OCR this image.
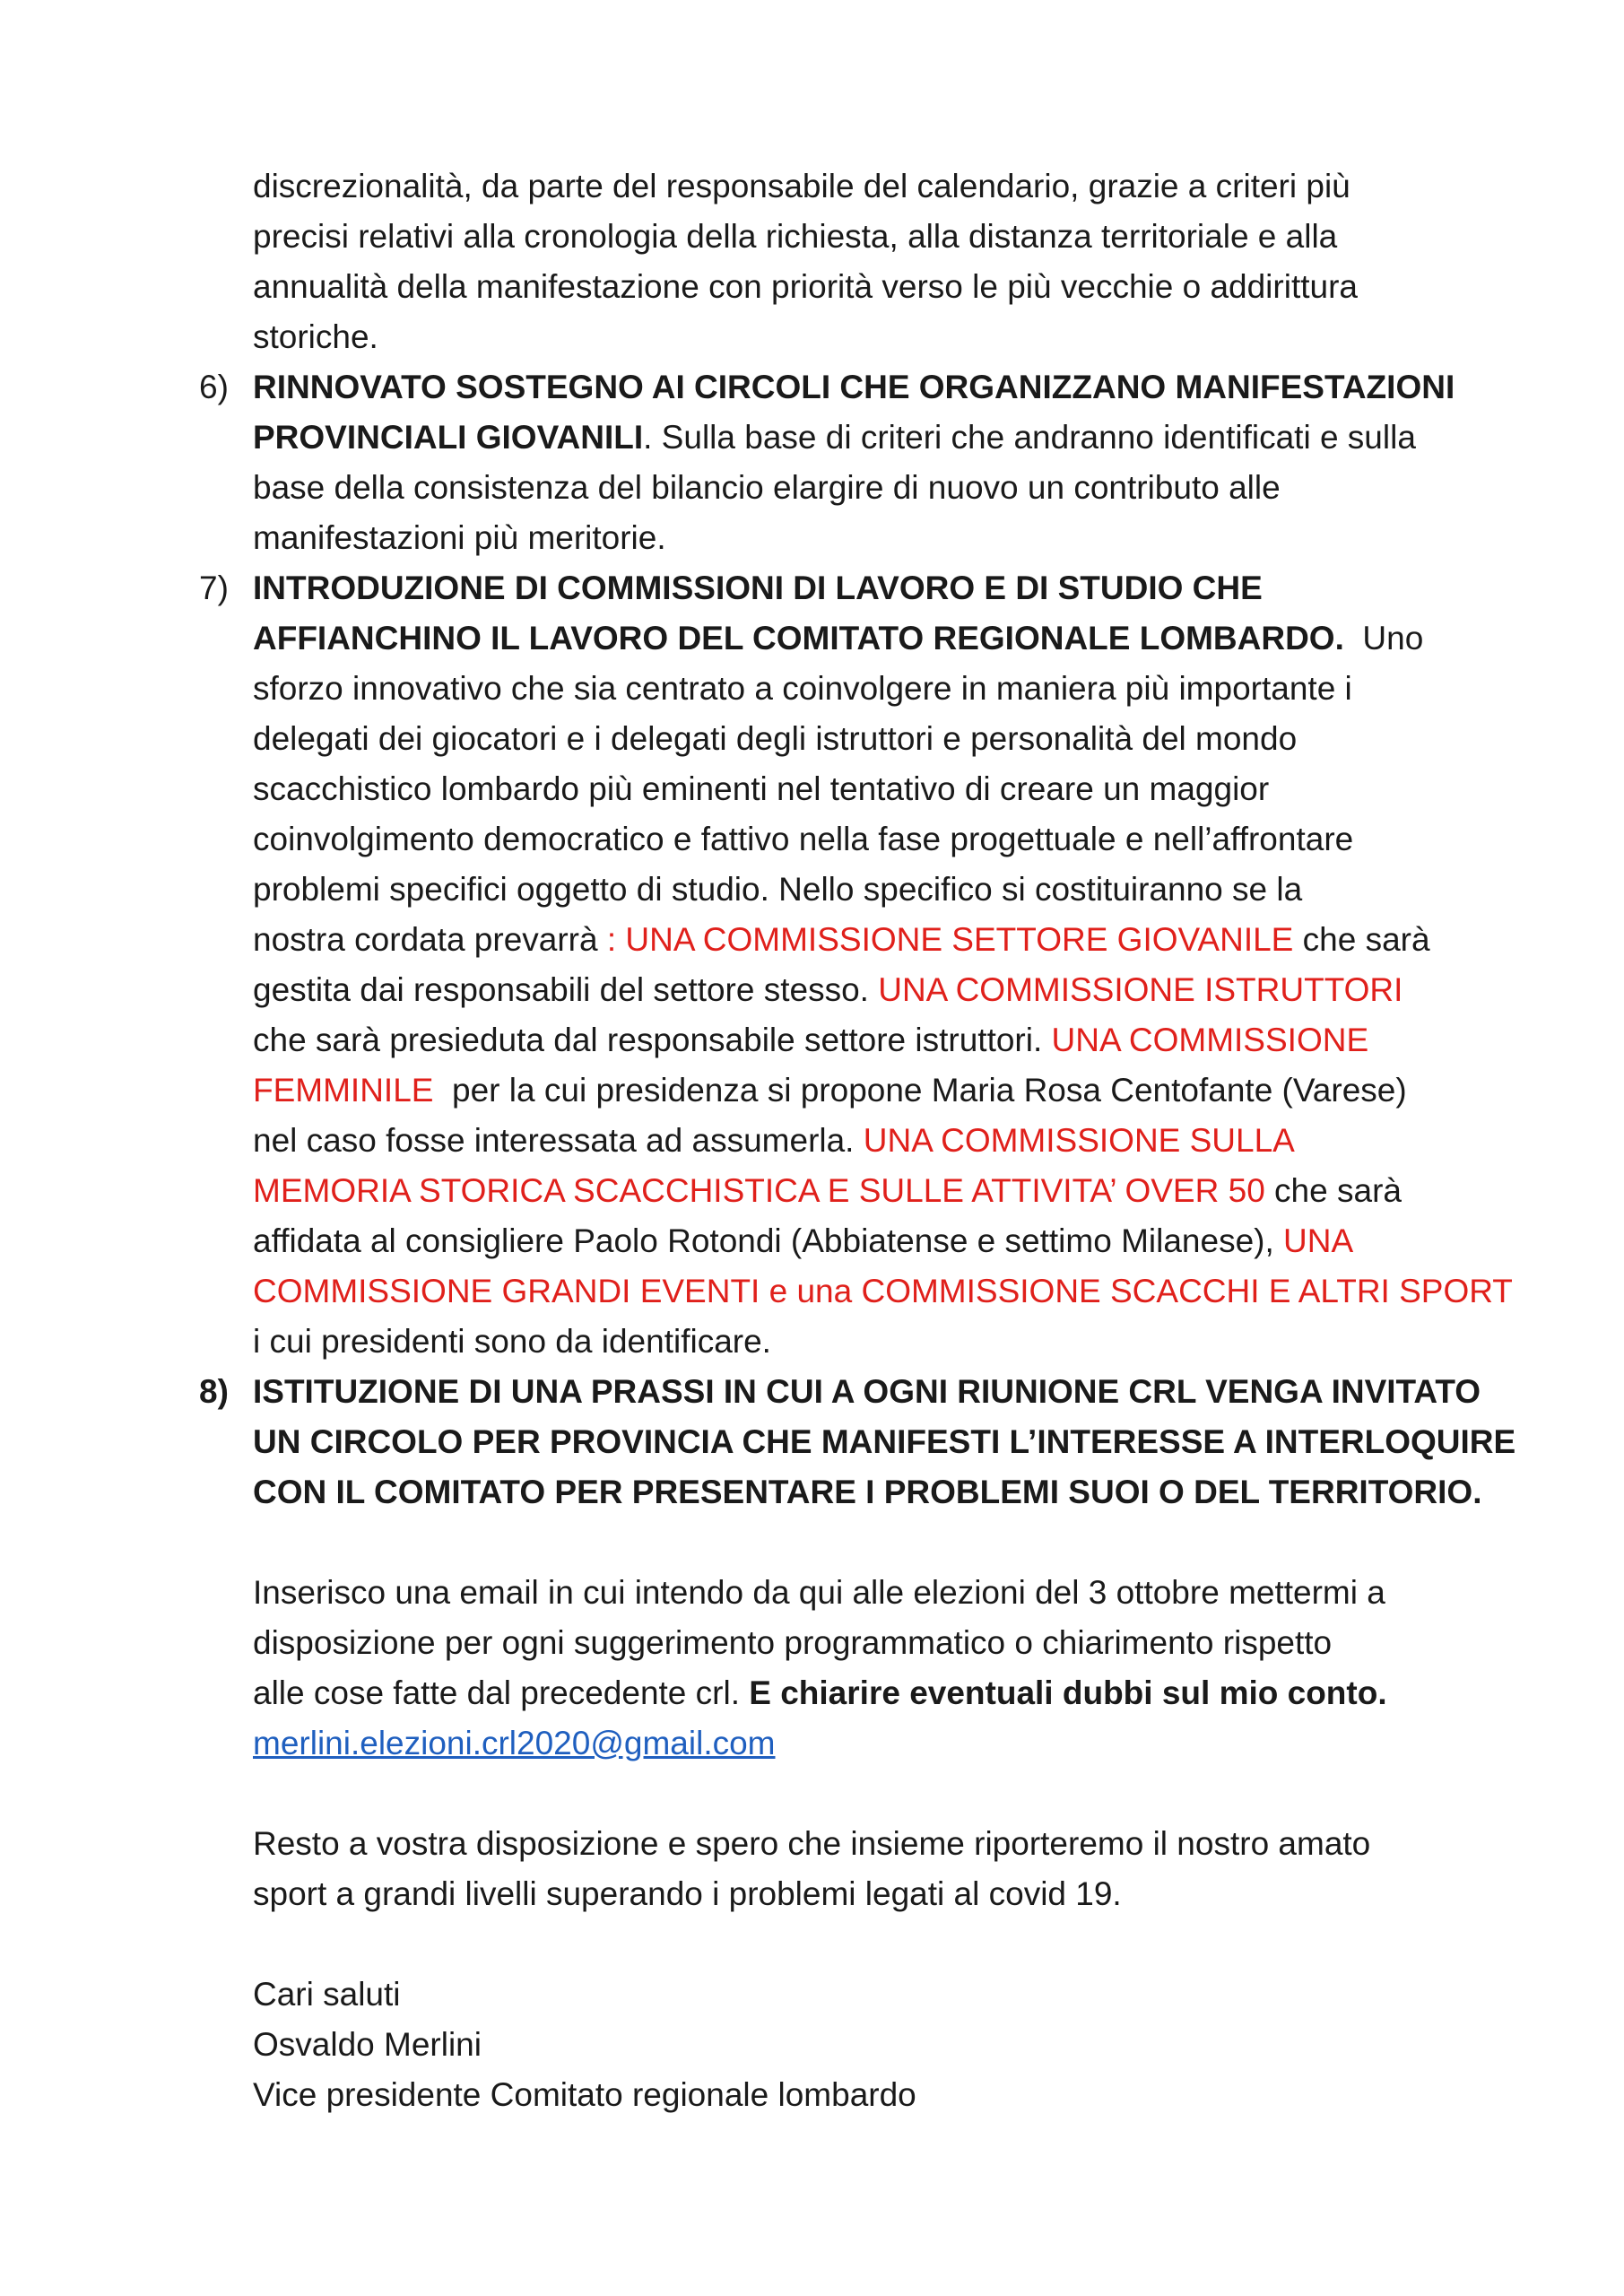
discrezionalità, da parte del responsabile del calendario, grazie a criteri più
precisi relativi alla cronologia della richiesta, alla distanza territoriale e alla
annualità della manifestazione con priorità verso le più vecchie o addirittura
storiche.
6) RINNOVATO SOSTEGNO AI CIRCOLI CHE ORGANIZZANO MANIFESTAZIONI
PROVINCIALI GIOVANILI. Sulla base di criteri che andranno identificati e sulla
base della consistenza del bilancio elargire di nuovo un contributo alle
manifestazioni più meritorie.
7) INTRODUZIONE DI COMMISSIONI DI LAVORO E DI STUDIO CHE
AFFIANCHINO IL LAVORO DEL COMITATO REGIONALE LOMBARDO.  Uno
sforzo innovativo che sia centrato a coinvolgere in maniera più importante i
delegati dei giocatori e i delegati degli istruttori e personalità del mondo
scacchistico lombardo più eminenti nel tentativo di creare un maggior
coinvolgimento democratico e fattivo nella fase progettuale e nell’affrontare
problemi specifici oggetto di studio. Nello specifico si costituiranno se la
nostra cordata prevarrà : UNA COMMISSIONE SETTORE GIOVANILE che sarà
gestita dai responsabili del settore stesso. UNA COMMISSIONE ISTRUTTORI
che sarà presieduta dal responsabile settore istruttori. UNA COMMISSIONE
FEMMINILE  per la cui presidenza si propone Maria Rosa Centofante (Varese)
nel caso fosse interessata ad assumerla. UNA COMMISSIONE SULLA
MEMORIA STORICA SCACCHISTICA E SULLE ATTIVITA’ OVER 50 che sarà
affidata al consigliere Paolo Rotondi (Abbiatense e settimo Milanese), UNA
COMMISSIONE GRANDI EVENTI e una COMMISSIONE SCACCHI E ALTRI SPORT
i cui presidenti sono da identificare.
8) ISTITUZIONE DI UNA PRASSI IN CUI A OGNI RIUNIONE CRL VENGA INVITATO
UN CIRCOLO PER PROVINCIA CHE MANIFESTI L’INTERESSE A INTERLOQUIRE
CON IL COMITATO PER PRESENTARE I PROBLEMI SUOI O DEL TERRITORIO.
Inserisco una email in cui intendo da qui alle elezioni del 3 ottobre mettermi a
disposizione per ogni suggerimento programmatico o chiarimento rispetto
alle cose fatte dal precedente crl. E chiarire eventuali dubbi sul mio conto.
merlini.elezioni.crl2020@gmail.com
Resto a vostra disposizione e spero che insieme riporteremo il nostro amato
sport a grandi livelli superando i problemi legati al covid 19.
Cari saluti
Osvaldo Merlini
Vice presidente Comitato regionale lombardo
